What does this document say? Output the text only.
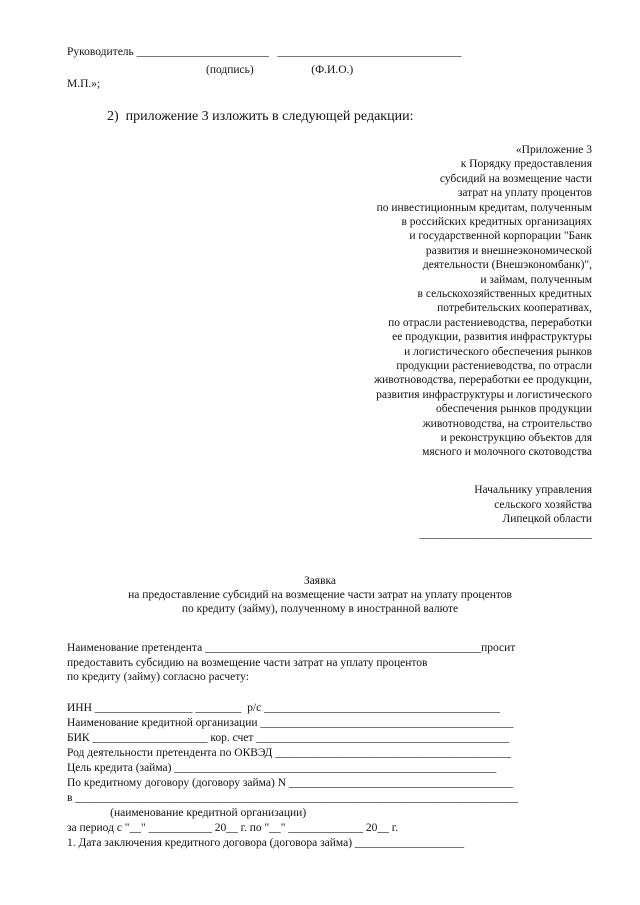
Руководитель _______________________   ________________________________
(подпись)                    (Ф.И.О.)
М.П.»;
2)  приложение 3 изложить в следующей редакции:
«Приложение 3
к Порядку предоставления
субсидий на возмещение части
затрат на уплату процентов
по инвестиционным кредитам, полученным
в российских кредитных организациях
и государственной корпорации "Банк
развития и внешнеэкономической
деятельности (Внешэкономбанк)",
и займам, полученным
в сельскохозяйственных кредитных
потребительских кооперативах,
по отрасли растениеводства, переработки
ее продукции, развития инфраструктуры
и логистического обеспечения рынков
продукции растениеводства, по отрасли
животноводства, переработки ее продукции,
развития инфраструктуры и логистического
обеспечения рынков продукции
животноводства, на строительство
и реконструкцию объектов для
мясного и молочного скотоводства
Начальнику управления
сельского хозяйства
Липецкой области
______________________________
Заявка
на предоставление субсидий на возмещение части затрат на уплату процентов
по кредиту (займу), полученному в иностранной валюте
Наименование претендента ________________________________________________просит
предоставить субсидию на возмещение части затрат на уплату процентов
по кредиту (займу) согласно расчету:
ИНН _________________ ________  р/с _________________________________________
Наименование кредитной организации ____________________________________________
БИК ____________________ кор. счет ____________________________________________
Род деятельности претендента по ОКВЭД _________________________________________
Цель кредита (займа) ________________________________________________________
По кредитному договору (договору займа) N _______________________________________
в _____________________________________________________________________________
(наименование кредитной организации)
за период с "__" ___________ 20__ г. по "__" _____________ 20__ г.
1. Дата заключения кредитного договора (договора займа) ___________________
